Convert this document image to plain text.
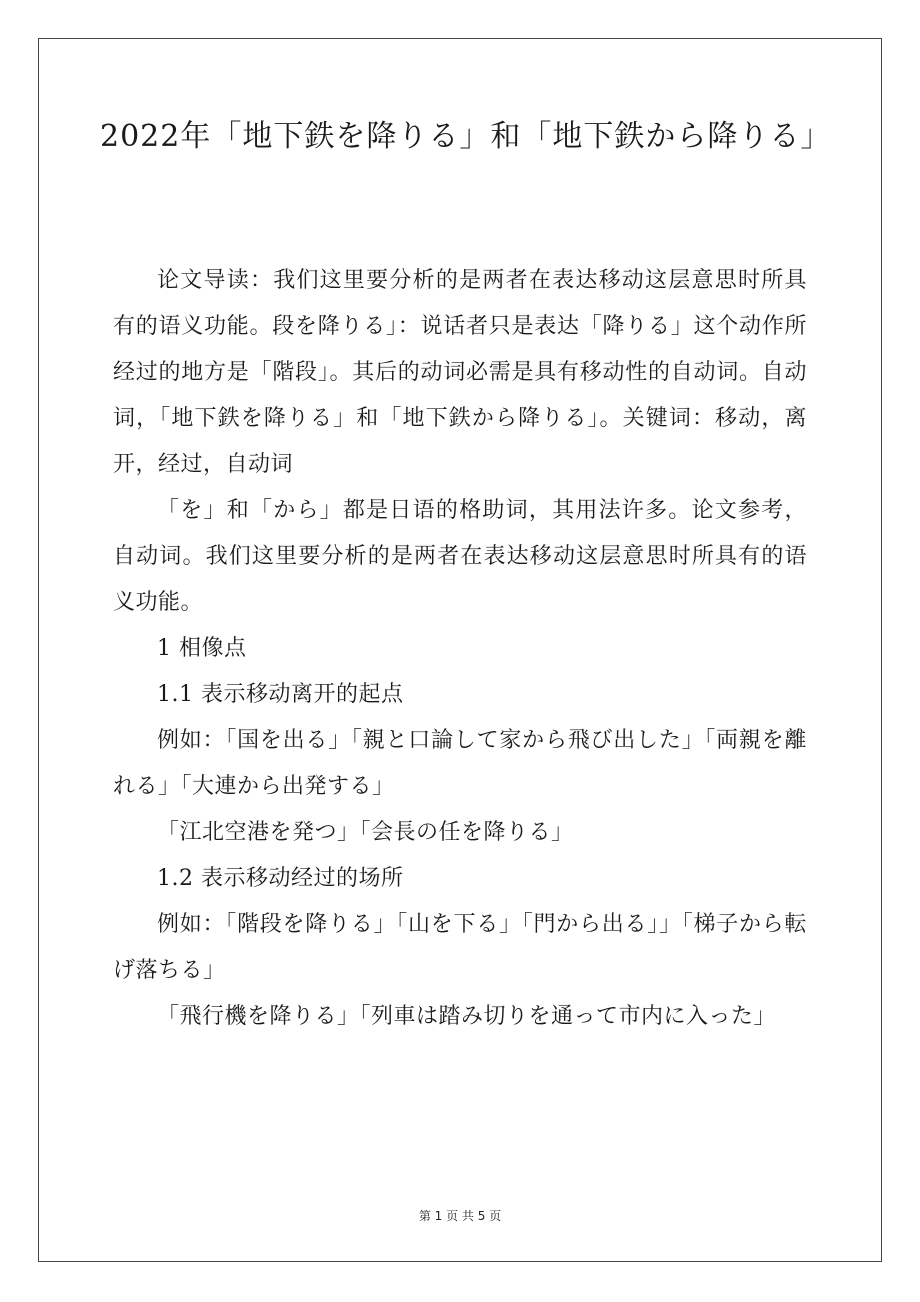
2022年「地下鉄を降りる」和「地下鉄から降りる」

论文导读：我们这里要分析的是两者在表达移动这层意思时所具有的语义功能。段を降りる」：说话者只是表达「降りる」这个动作所经过的地方是「階段」。其后的动词必需是具有移动性的自动词。自动词，「地下鉄を降りる」和「地下鉄から降りる」。关键词：移动，离开，经过，自动词

「を」和「から」都是日语的格助词，其用法许多。论文参考，自动词。我们这里要分析的是两者在表达移动这层意思时所具有的语义功能。

1 相像点

1.1 表示移动离开的起点

例如：「国を出る」「親と口論して家から飛び出した」「両親を離れる」「大連から出発する」

「江北空港を発つ」「会長の任を降りる」

1.2 表示移动经过的场所

例如：「階段を降りる」「山を下る」「門から出る」」「梯子から転げ落ちる」

「飛行機を降りる」「列車は踏み切りを通って市内に入った」

第 1 页 共 5 页
